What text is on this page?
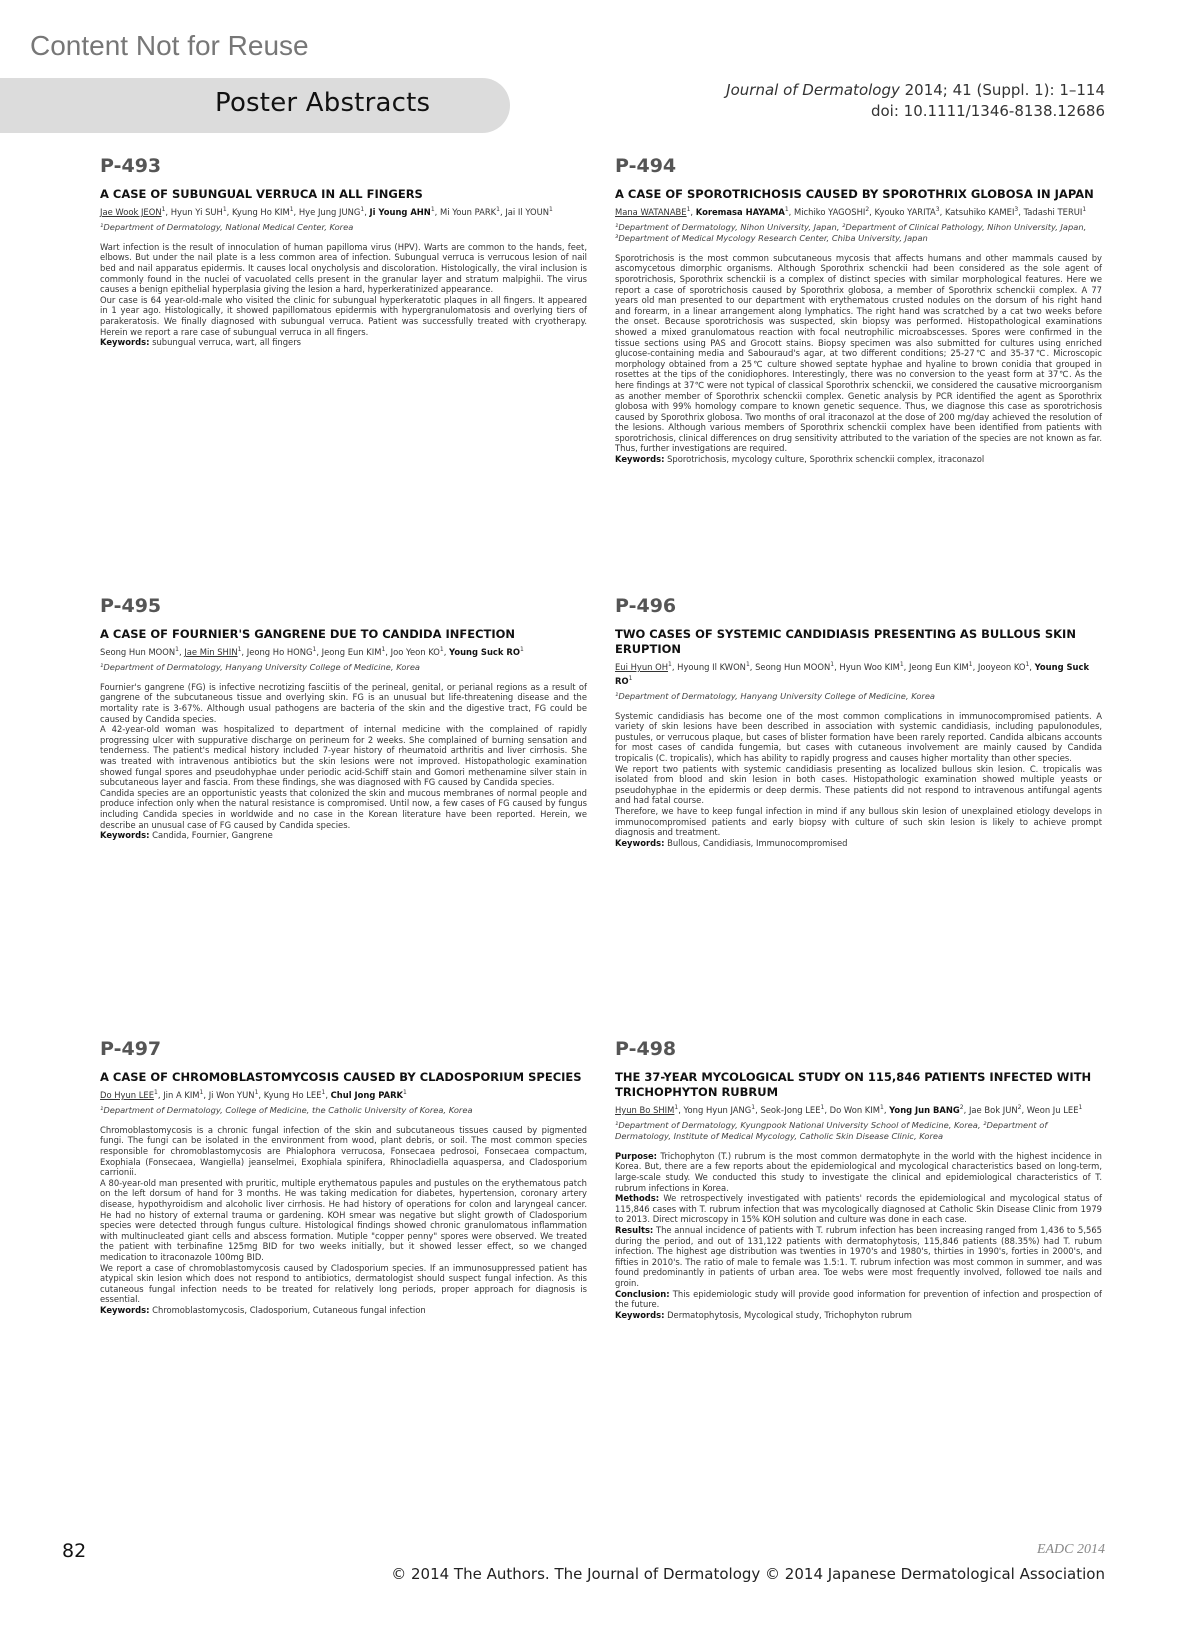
Content Not for Reuse
Poster Abstracts	Journal of Dermatology 2014; 41 (Suppl. 1): 1–114
doi: 10.1111/1346-8138.12686
P-493
A CASE OF SUBUNGUAL VERRUCA IN ALL FINGERS
Jae Wook JEON$^1$, Hyun Yi SUH$^1$, Kyung Ho KIM$^1$, Hye Jung JUNG$^1$, Ji Young AHN$^1$, Mi Youn PARK$^1$, Jai Il YOUN$^1$
¹Department of Dermatology, National Medical Center, Korea

Wart infection is the result of innoculation of human papilloma virus (HPV). Warts are common to the hands, feet, elbows. But under the nail plate is a less common area of infection. Subungual verruca is verrucous lesion of nail bed and nail apparatus epidermis. It causes local onycholysis and discoloration. Histologically, the viral inclusion is commonly found in the nuclei of vacuolated cells present in the granular layer and stratum malpighii. The virus causes a benign epithelial hyperplasia giving the lesion a hard, hyperkeratinized appearance.

Our case is 64 year-old-male who visited the clinic for subungual hyperkeratotic plaques in all fingers. It appeared in 1 year ago. Histologically, it showed papillomatous epidermis with hypergranulomatosis and overlying tiers of parakeratosis. We finally diagnosed with subungual verruca. Patient was successfully treated with cryotherapy. Herein we report a rare case of subungual verruca in all fingers.

Keywords: subungual verruca, wart, all fingers
P-494
A CASE OF SPOROTRICHOSIS CAUSED BY SPOROTHRIX GLOBOSA IN JAPAN
Mana WATANABE$^1$, Koremasa HAYAMA$^1$, Michiko YAGOSHI$^2$, Kyouko YARITA$^3$, Katsuhiko KAMEI$^3$, Tadashi TERUI$^1$
¹Department of Dermatology, Nihon University, Japan, ²Department of Clinical Pathology, Nihon University, Japan, ³Department of Medical Mycology Research Center, Chiba University, Japan

Sporotrichosis is the most common subcutaneous mycosis that affects humans and other mammals caused by ascomycetous dimorphic organisms. Although Sporothrix schenckii had been considered as the sole agent of sporotrichosis, Sporothrix schenckii is a complex of distinct species with similar morphological features. Here we report a case of sporotrichosis caused by Sporothrix globosa, a member of Sporothrix schenckii complex. A 77 years old man presented to our department with erythematous crusted nodules on the dorsum of his right hand and forearm, in a linear arrangement along lymphatics. The right hand was scratched by a cat two weeks before the onset. Because sporotrichosis was suspected, skin biopsy was performed. Histopathological examinations showed a mixed granulomatous reaction with focal neutrophilic microabscesses. Spores were confirmed in the tissue sections using PAS and Grocott stains. Biopsy specimen was also submitted for cultures using enriched glucose-containing media and Sabouraud's agar, at two different conditions; 25-27℃ and 35-37℃. Microscopic morphology obtained from a 25℃ culture showed septate hyphae and hyaline to brown conidia that grouped in rosettes at the tips of the conidiophores. Interestingly, there was no conversion to the yeast form at 37℃. As the here findings at 37℃ were not typical of classical Sporothrix schenckii, we considered the causative microorganism as another member of Sporothrix schenckii complex. Genetic analysis by PCR identified the agent as Sporothrix globosa with 99% homology compare to known genetic sequence. Thus, we diagnose this case as sporotrichosis caused by Sporothrix globosa. Two months of oral itraconazol at the dose of 200 mg/day achieved the resolution of the lesions. Although various members of Sporothrix schenckii complex have been identified from patients with sporotrichosis, clinical differences on drug sensitivity attributed to the variation of the species are not known as far. Thus, further investigations are required.

Keywords: Sporotrichosis, mycology culture, Sporothrix schenckii complex, itraconazol
P-495
A CASE OF FOURNIER'S GANGRENE DUE TO CANDIDA INFECTION
Seong Hun MOON$^1$, Jae Min SHIN$^1$, Jeong Ho HONG$^1$, Jeong Eun KIM$^1$, Joo Yeon $KO^1$, Young Suck $RO^1$
¹Department of Dermatology, Hanyang University College of Medicine, Korea

Fournier's gangrene (FG) is infective necrotizing fasciitis of the perineal, genital, or perianal regions as a result of gangrene of the subcutaneous tissue and overlying skin. FG is an unusual but life-threatening disease and the mortality rate is 3-67%. Although usual pathogens are bacteria of the skin and the digestive tract, FG could be caused by Candida species.

A 42-year-old woman was hospitalized to department of internal medicine with the complained of rapidly progressing ulcer with suppurative discharge on perineum for 2 weeks. She complained of burning sensation and tenderness. The patient's medical history included 7-year history of rheumatoid arthritis and liver cirrhosis. She was treated with intravenous antibiotics but the skin lesions were not improved. Histopathologic examination showed fungal spores and pseudohyphae under periodic acid-Schiff stain and Gomori methenamine silver stain in subcutaneous layer and fascia. From these findings, she was diagnosed with FG caused by Candida species.

Candida species are an opportunistic yeasts that colonized the skin and mucous membranes of normal people and produce infection only when the natural resistance is compromised. Until now, a few cases of FG caused by fungus including Candida species in worldwide and no case in the Korean literature have been reported. Herein, we describe an unusual case of FG caused by Candida species.

Keywords: Candida, Fournier, Gangrene
P-496
TWO CASES OF SYSTEMIC CANDIDIASIS PRESENTING AS BULLOUS SKIN ERUPTION
Eui Hyun $OH^1$, Hyoung Il KWON$^1$, Seong Hun MOON$^1$, Hyun Woo KIM$^1$, Jeong Eun KIM$^1$, Jooyeon $KO^1$, Young Suck $RO^1$
¹Department of Dermatology, Hanyang University College of Medicine, Korea

Systemic candidiasis has become one of the most common complications in immunocompromised patients. A variety of skin lesions have been described in association with systemic candidiasis, including papulonodules, pustules, or verrucous plaque, but cases of blister formation have been rarely reported. Candida albicans accounts for most cases of candida fungemia, but cases with cutaneous involvement are mainly caused by Candida tropicalis (C. tropicalis), which has ability to rapidly progress and causes higher mortality than other species.

We report two patients with systemic candidiasis presenting as localized bullous skin lesion. C. tropicalis was isolated from blood and skin lesion in both cases. Histopathologic examination showed multiple yeasts or pseudohyphae in the epidermis or deep dermis. These patients did not respond to intravenous antifungal agents and had fatal course.

Therefore, we have to keep fungal infection in mind if any bullous skin lesion of unexplained etiology develops in immunocompromised patients and early biopsy with culture of such skin lesion is likely to achieve prompt diagnosis and treatment.

Keywords: Bullous, Candidiasis, Immunocompromised
P-497
A CASE OF CHROMOBLASTOMYCOSIS CAUSED BY CLADOSPORIUM SPECIES
Do Hyun LEE$^1$, Jin A KIM$^1$, Ji Won YUN$^1$, Kyung Ho LEE$^1$, Chul Jong PARK$^1$
¹Department of Dermatology, College of Medicine, the Catholic University of Korea, Korea

Chromoblastomycosis is a chronic fungal infection of the skin and subcutaneous tissues caused by pigmented fungi. The fungi can be isolated in the environment from wood, plant debris, or soil. The most common species responsible for chromoblastomycosis are Phialophora verrucosa, Fonsecaea pedrosoi, Fonsecaea compactum, Exophiala (Fonsecaea, Wangiella) jeanselmei, Exophiala spinifera, Rhinocladiella aquaspersa, and Cladosporium carrionii.

A 80-year-old man presented with pruritic, multiple erythematous papules and pustules on the erythematous patch on the left dorsum of hand for 3 months. He was taking medication for diabetes, hypertension, coronary artery disease, hypothyroidism and alcoholic liver cirrhosis. He had history of operations for colon and laryngeal cancer. He had no history of external trauma or gardening. KOH smear was negative but slight growth of Cladosporium species were detected through fungus culture. Histological findings showed chronic granulomatous inflammation with multinucleated giant cells and abscess formation. Mutiple "copper penny" spores were observed. We treated the patient with terbinafine 125mg BID for two weeks initially, but it showed lesser effect, so we changed medication to itraconazole 100mg BID.

We report a case of chromoblastomycosis caused by Cladosporium species. If an immunosuppressed patient has atypical skin lesion which does not respond to antibiotics, dermatologist should suspect fungal infection. As this cutaneous fungal infection needs to be treated for relatively long periods, proper approach for diagnosis is essential.

Keywords: Chromoblastomycosis, Cladosporium, Cutaneous fungal infection
P-498
THE 37-YEAR MYCOLOGICAL STUDY ON 115,846 PATIENTS INFECTED WITH TRICHOPHYTON RUBRUM
Hyun Bo SHIM$^1$, Yong Hyun JANG$^1$, Seok-Jong LEE$^1$, Do Won KIM$^1$, Yong Jun BANG$^2$, Jae Bok JUN$^2$, Weon Ju LEE$^1$
¹Department of Dermatology, Kyungpook National University School of Medicine, Korea, ²Department of Dermatology, Institute of Medical Mycology, Catholic Skin Disease Clinic, Korea

Purpose: Trichophyton (T.) rubrum is the most common dermatophyte in the world with the highest incidence in Korea. But, there are a few reports about the epidemiological and mycological characteristics based on long-term, large-scale study. We conducted this study to investigate the clinical and epidemiological characteristics of T. rubrum infections in Korea.

Methods: We retrospectively investigated with patients' records the epidemiological and mycological status of 115,846 cases with T. rubrum infection that was mycologically diagnosed at Catholic Skin Disease Clinic from 1979 to 2013. Direct microscopy in 15% KOH solution and culture was done in each case.

Results: The annual incidence of patients with T. rubrum infection has been increasing ranged from 1,436 to 5,565 during the period, and out of 131,122 patients with dermatophytosis, 115,846 patients (88.35%) had T. rubum infection. The highest age distribution was twenties in 1970's and 1980's, thirties in 1990's, forties in 2000's, and fifties in 2010's. The ratio of male to female was 1.5:1. T. rubrum infection was most common in summer, and was found predominantly in patients of urban area. Toe webs were most frequently involved, followed toe nails and groin.

Conclusion: This epidemiologic study will provide good information for prevention of infection and prospection of the future.

Keywords: Dermatophytosis, Mycological study, Trichophyton rubrum
82	EADC 2014
© 2014 The Authors. The Journal of Dermatology © 2014 Japanese Dermatological Association
